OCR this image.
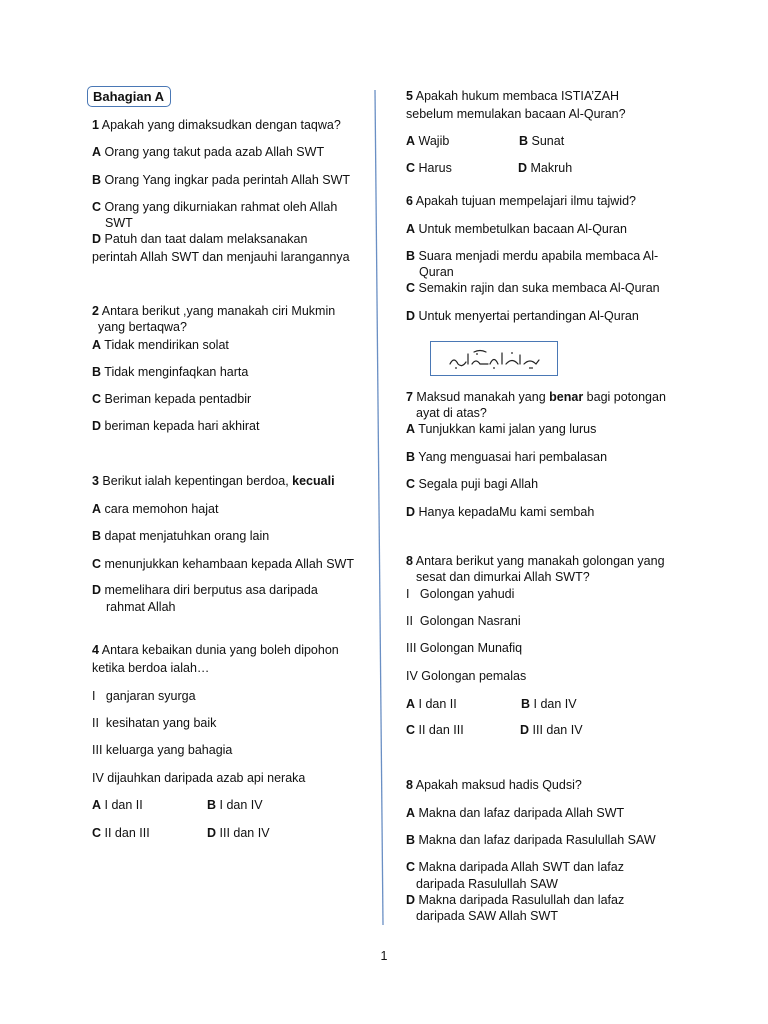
Bahagian A
1 Apakah yang dimaksudkan dengan taqwa?
A Orang yang takut pada azab Allah SWT
B Orang Yang ingkar pada perintah Allah SWT
C Orang yang dikurniakan rahmat oleh Allah
SWT
D Patuh dan taat dalam melaksanakan
perintah Allah SWT dan menjauhi larangannya
2 Antara berikut ,yang manakah ciri Mukmin
yang bertaqwa?
A Tidak mendirikan solat
B Tidak menginfaqkan harta
C Beriman kepada pentadbir
D beriman kepada hari akhirat
3 Berikut ialah kepentingan berdoa, kecuali
A cara memohon hajat
B dapat menjatuhkan orang lain
C menunjukkan kehambaan kepada Allah SWT
D memelihara diri berputus asa daripada
rahmat Allah
4 Antara kebaikan dunia yang boleh dipohon
ketika berdoa ialah…
I   ganjaran syurga
II  kesihatan yang baik
III keluarga yang bahagia
IV dijauhkan daripada azab api neraka
A I dan II	B I dan IV
C II dan III	D III dan IV
5 Apakah hukum membaca ISTIA’ZAH
sebelum memulakan bacaan Al-Quran?
A Wajib	B Sunat
C Harus	D Makruh
6 Apakah tujuan mempelajari ilmu tajwid?
A Untuk membetulkan bacaan Al-Quran
B Suara menjadi merdu apabila membaca Al-
Quran
C Semakin rajin dan suka membaca Al-Quran
D Untuk menyertai pertandingan Al-Quran
7 Maksud manakah yang benar bagi potongan
ayat di atas?
A Tunjukkan kami jalan yang lurus
B Yang menguasai hari pembalasan
C Segala puji bagi Allah
D Hanya kepadaMu kami sembah
8 Antara berikut yang manakah golongan yang
sesat dan dimurkai Allah SWT?
I   Golongan yahudi
II  Golongan Nasrani
III Golongan Munafiq
IV Golongan pemalas
A I dan II	B I dan IV
C II dan III	D III dan IV
8 Apakah maksud hadis Qudsi?
A Makna dan lafaz daripada Allah SWT
B Makna dan lafaz daripada Rasulullah SAW
C Makna daripada Allah SWT dan lafaz
daripada Rasulullah SAW
D Makna daripada Rasulullah dan lafaz
daripada SAW Allah SWT
1
